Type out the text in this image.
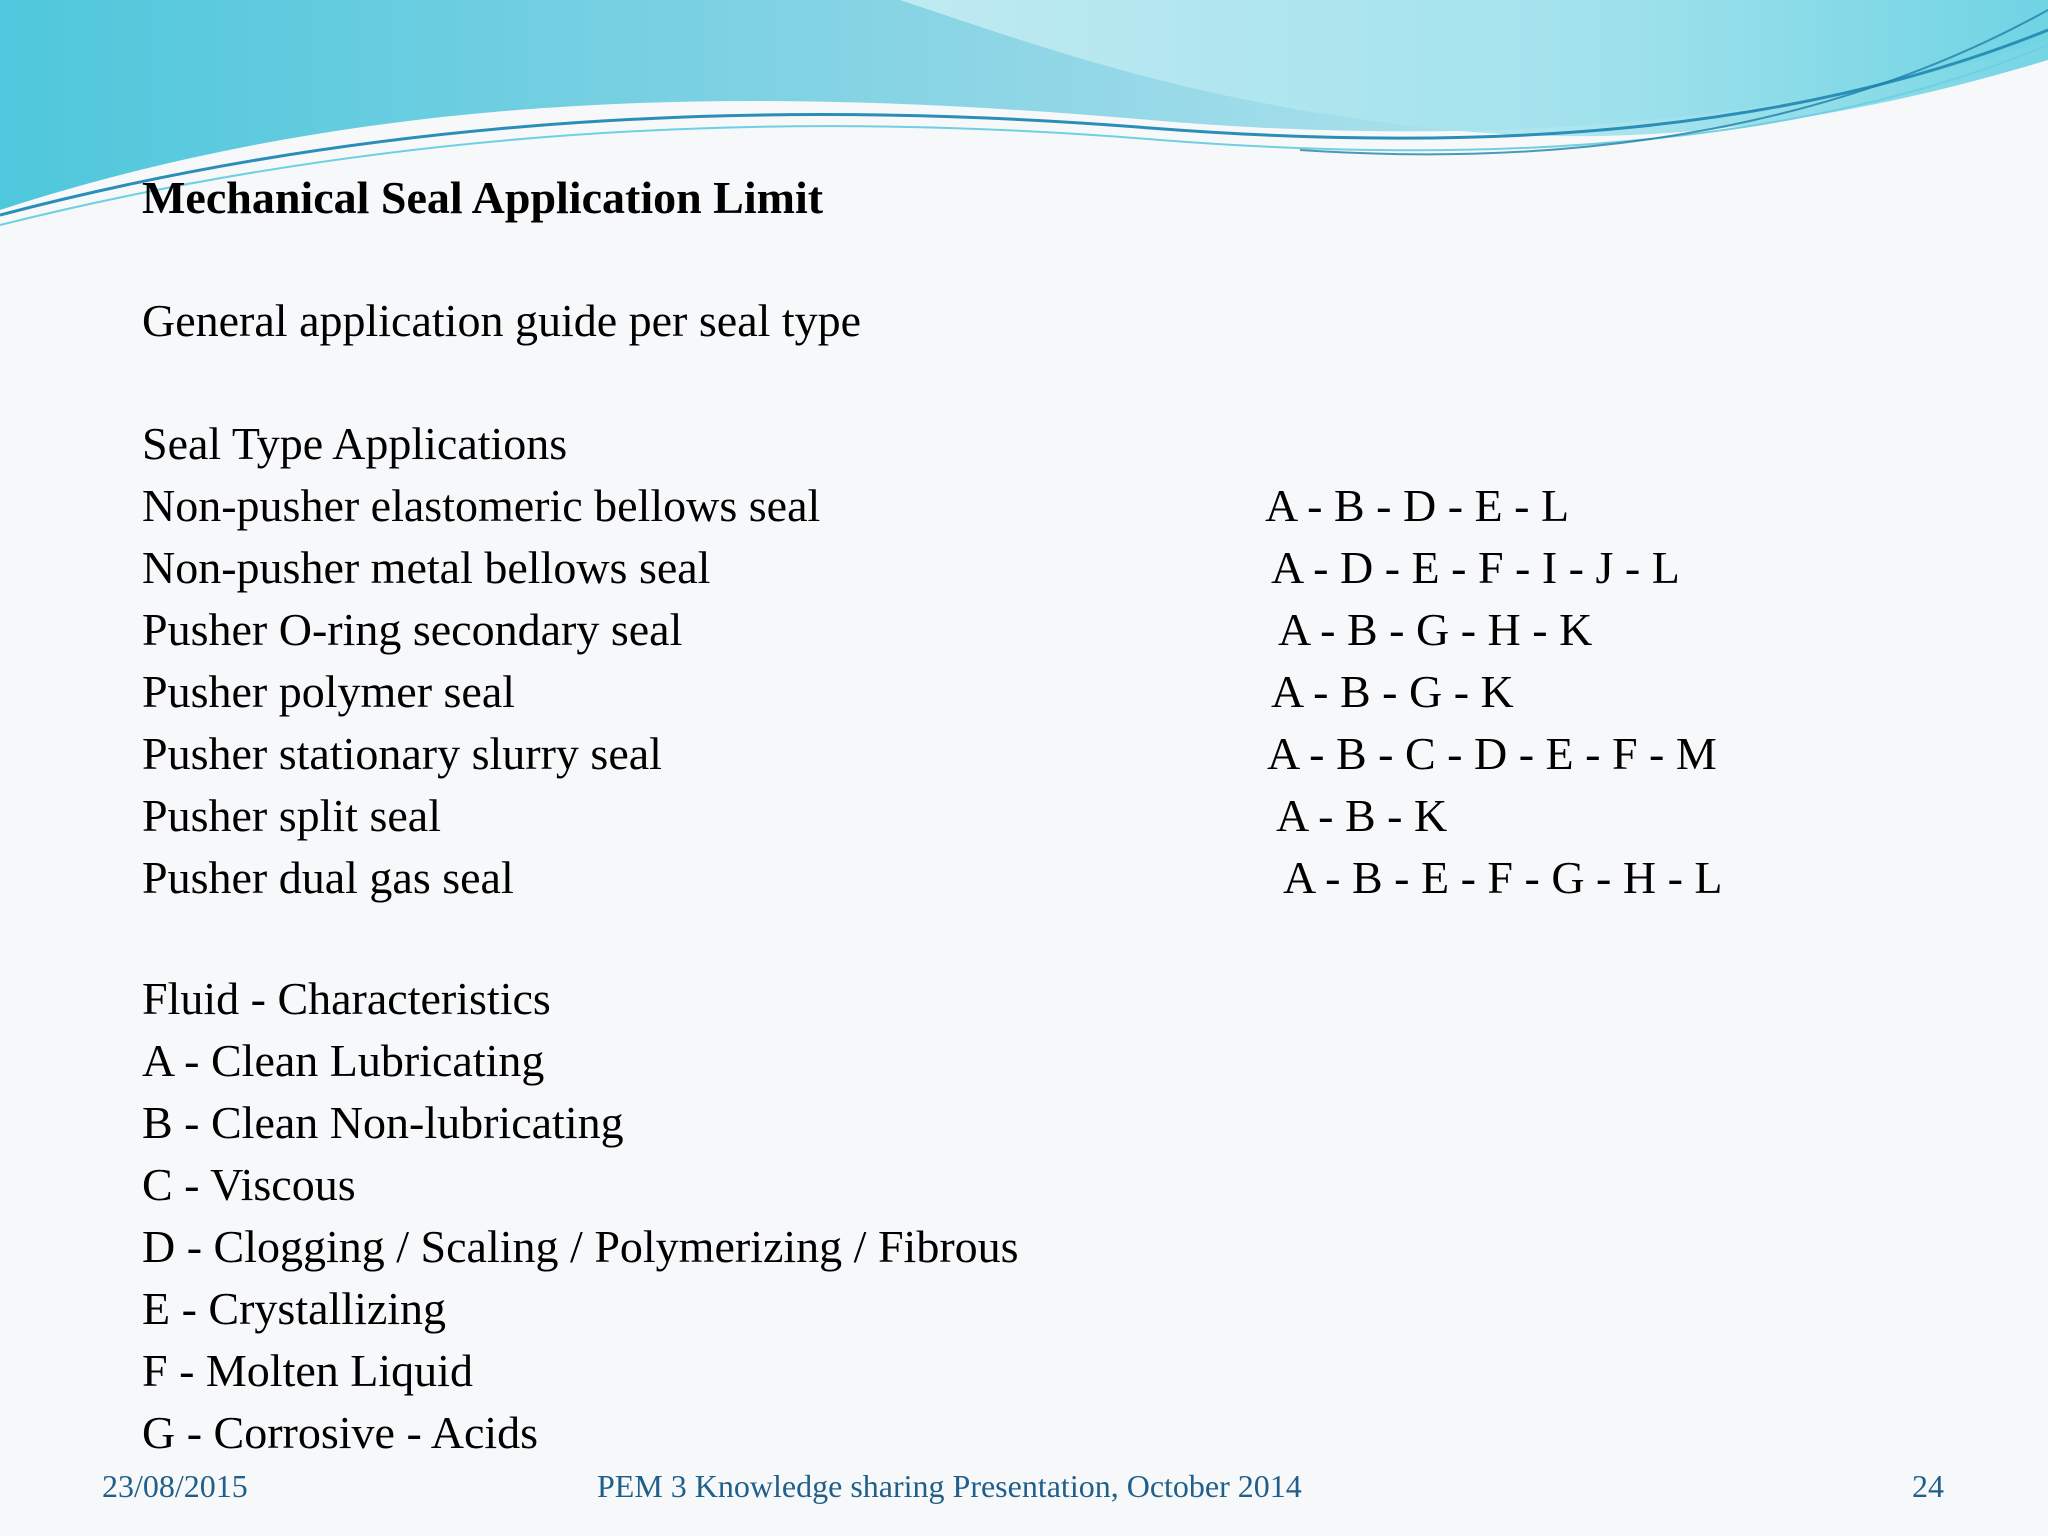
Mechanical Seal Application Limit
General application guide per seal type
Seal Type Applications
Non-pusher elastomeric bellows seal	A - B - D - E - L
Non-pusher metal bellows seal	A - D - E - F - I - J - L
Pusher O-ring secondary seal	A - B - G - H - K
Pusher polymer seal	A - B - G - K
Pusher stationary slurry seal	A - B - C - D - E - F - M
Pusher split seal	A - B - K
Pusher dual gas seal	A - B - E - F - G - H - L
Fluid - Characteristics
A - Clean Lubricating
B - Clean Non-lubricating
C - Viscous
D - Clogging / Scaling / Polymerizing / Fibrous
E - Crystallizing
F - Molten Liquid
G - Corrosive - Acids
23/08/2015	PEM 3 Knowledge sharing Presentation, October 2014	24
